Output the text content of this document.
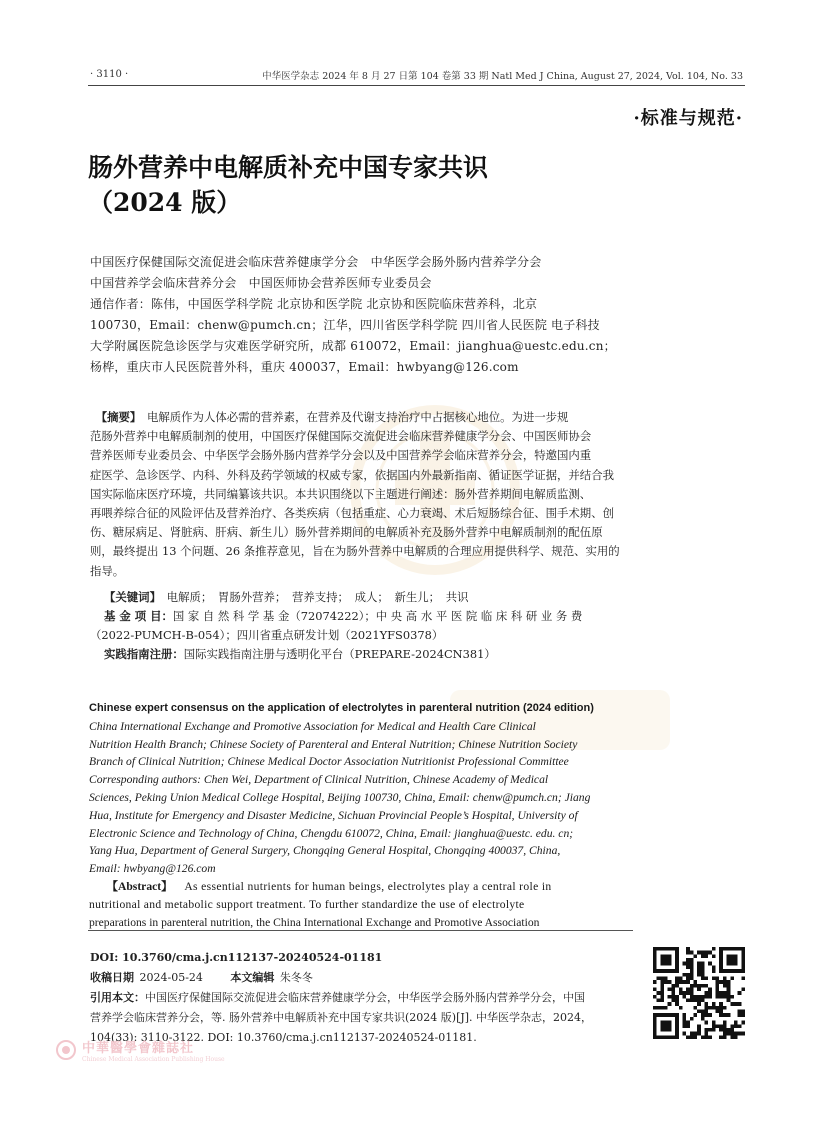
· 3110 ·	中华医学杂志 2024 年 8 月 27 日第 104 卷第 33 期 Natl Med J China, August 27, 2024, Vol. 104, No. 33
·标准与规范·
肠外营养中电解质补充中国专家共识
（2024 版）
中国医疗保健国际交流促进会临床营养健康学分会　中华医学会肠外肠内营养学分会
中国营养学会临床营养分会　中国医师协会营养医师专业委员会
通信作者：陈伟，中国医学科学院 北京协和医学院 北京协和医院临床营养科，北京
100730，Email：chenw@pumch.cn；江华，四川省医学科学院 四川省人民医院 电子科技
大学附属医院急诊医学与灾难医学研究所，成都 610072，Email：jianghua@uestc.edu.cn；
杨桦，重庆市人民医院普外科，重庆 400037，Email：hwbyang@126.com
　【摘要】  电解质作为人体必需的营养素，在营养及代谢支持治疗中占据核心地位。为进一步规
范肠外营养中电解质制剂的使用，中国医疗保健国际交流促进会临床营养健康学分会、中国医师协会
营养医师专业委员会、中华医学会肠外肠内营养学分会以及中国营养学会临床营养分会，特邀国内重
症医学、急诊医学、内科、外科及药学领域的权威专家，依据国内外最新指南、循证医学证据，并结合我
国实际临床医疗环境，共同编纂该共识。本共识围绕以下主题进行阐述：肠外营养期间电解质监测、
再喂养综合征的风险评估及营养治疗、各类疾病（包括重症、心力衰竭、术后短肠综合征、围手术期、创
伤、糖尿病足、肾脏病、肝病、新生儿）肠外营养期间的电解质补充及肠外营养中电解质制剂的配伍原
则，最终提出 13 个问题、26 条推荐意见，旨在为肠外营养中电解质的合理应用提供科学、规范、实用的
指导。
【关键词】  电解质；　胃肠外营养；　营养支持；　成人；　新生儿；　共识
基 金 项 目：国 家 自 然 科 学 基 金（72074222）；中 央 高 水 平 医 院 临 床 科 研 业 务 费
（2022-PUMCH-B-054）；四川省重点研发计划（2021YFS0378）
实践指南注册：国际实践指南注册与透明化平台（PREPARE-2024CN381）
Chinese expert consensus on the application of electrolytes in parenteral nutrition (2024 edition)
China International Exchange and Promotive Association for Medical and Health Care Clinical
Nutrition Health Branch; Chinese Society of Parenteral and Enteral Nutrition; Chinese Nutrition Society
Branch of Clinical Nutrition; Chinese Medical Doctor Association Nutritionist Professional Committee
Corresponding authors: Chen Wei, Department of Clinical Nutrition, Chinese Academy of Medical
Sciences, Peking Union Medical College Hospital, Beijing 100730, China, Email: chenw@pumch.cn; Jiang
Hua, Institute for Emergency and Disaster Medicine, Sichuan Provincial People’s Hospital, University of
Electronic Science and Technology of China, Chengdu 610072, China, Email: jianghua@uestc. edu. cn;
Yang Hua, Department of General Surgery, Chongqing General Hospital, Chongqing 400037, China,
Email: hwbyang@126.com
  【Abstract】  As essential nutrients for human beings, electrolytes play a central role in
nutritional and metabolic support treatment. To further standardize the use of electrolyte
preparations in parenteral nutrition, the China International Exchange and Promotive Association
DOI: 10.3760/cma.j.cn112137-20240524-01181
收稿日期  2024-05-24　　 	本文编辑  朱冬冬
引用本文：中国医疗保健国际交流促进会临床营养健康学分会，中华医学会肠外肠内营养学分会，中国
营养学会临床营养分会，等. 肠外营养中电解质补充中国专家共识(2024 版)[J]. 中华医学杂志，2024，
104(33): 3110-3122. DOI: 10.3760/cma.j.cn112137-20240524-01181.
中華醫學會雜誌社
Chinese Medical Association Publishing House
